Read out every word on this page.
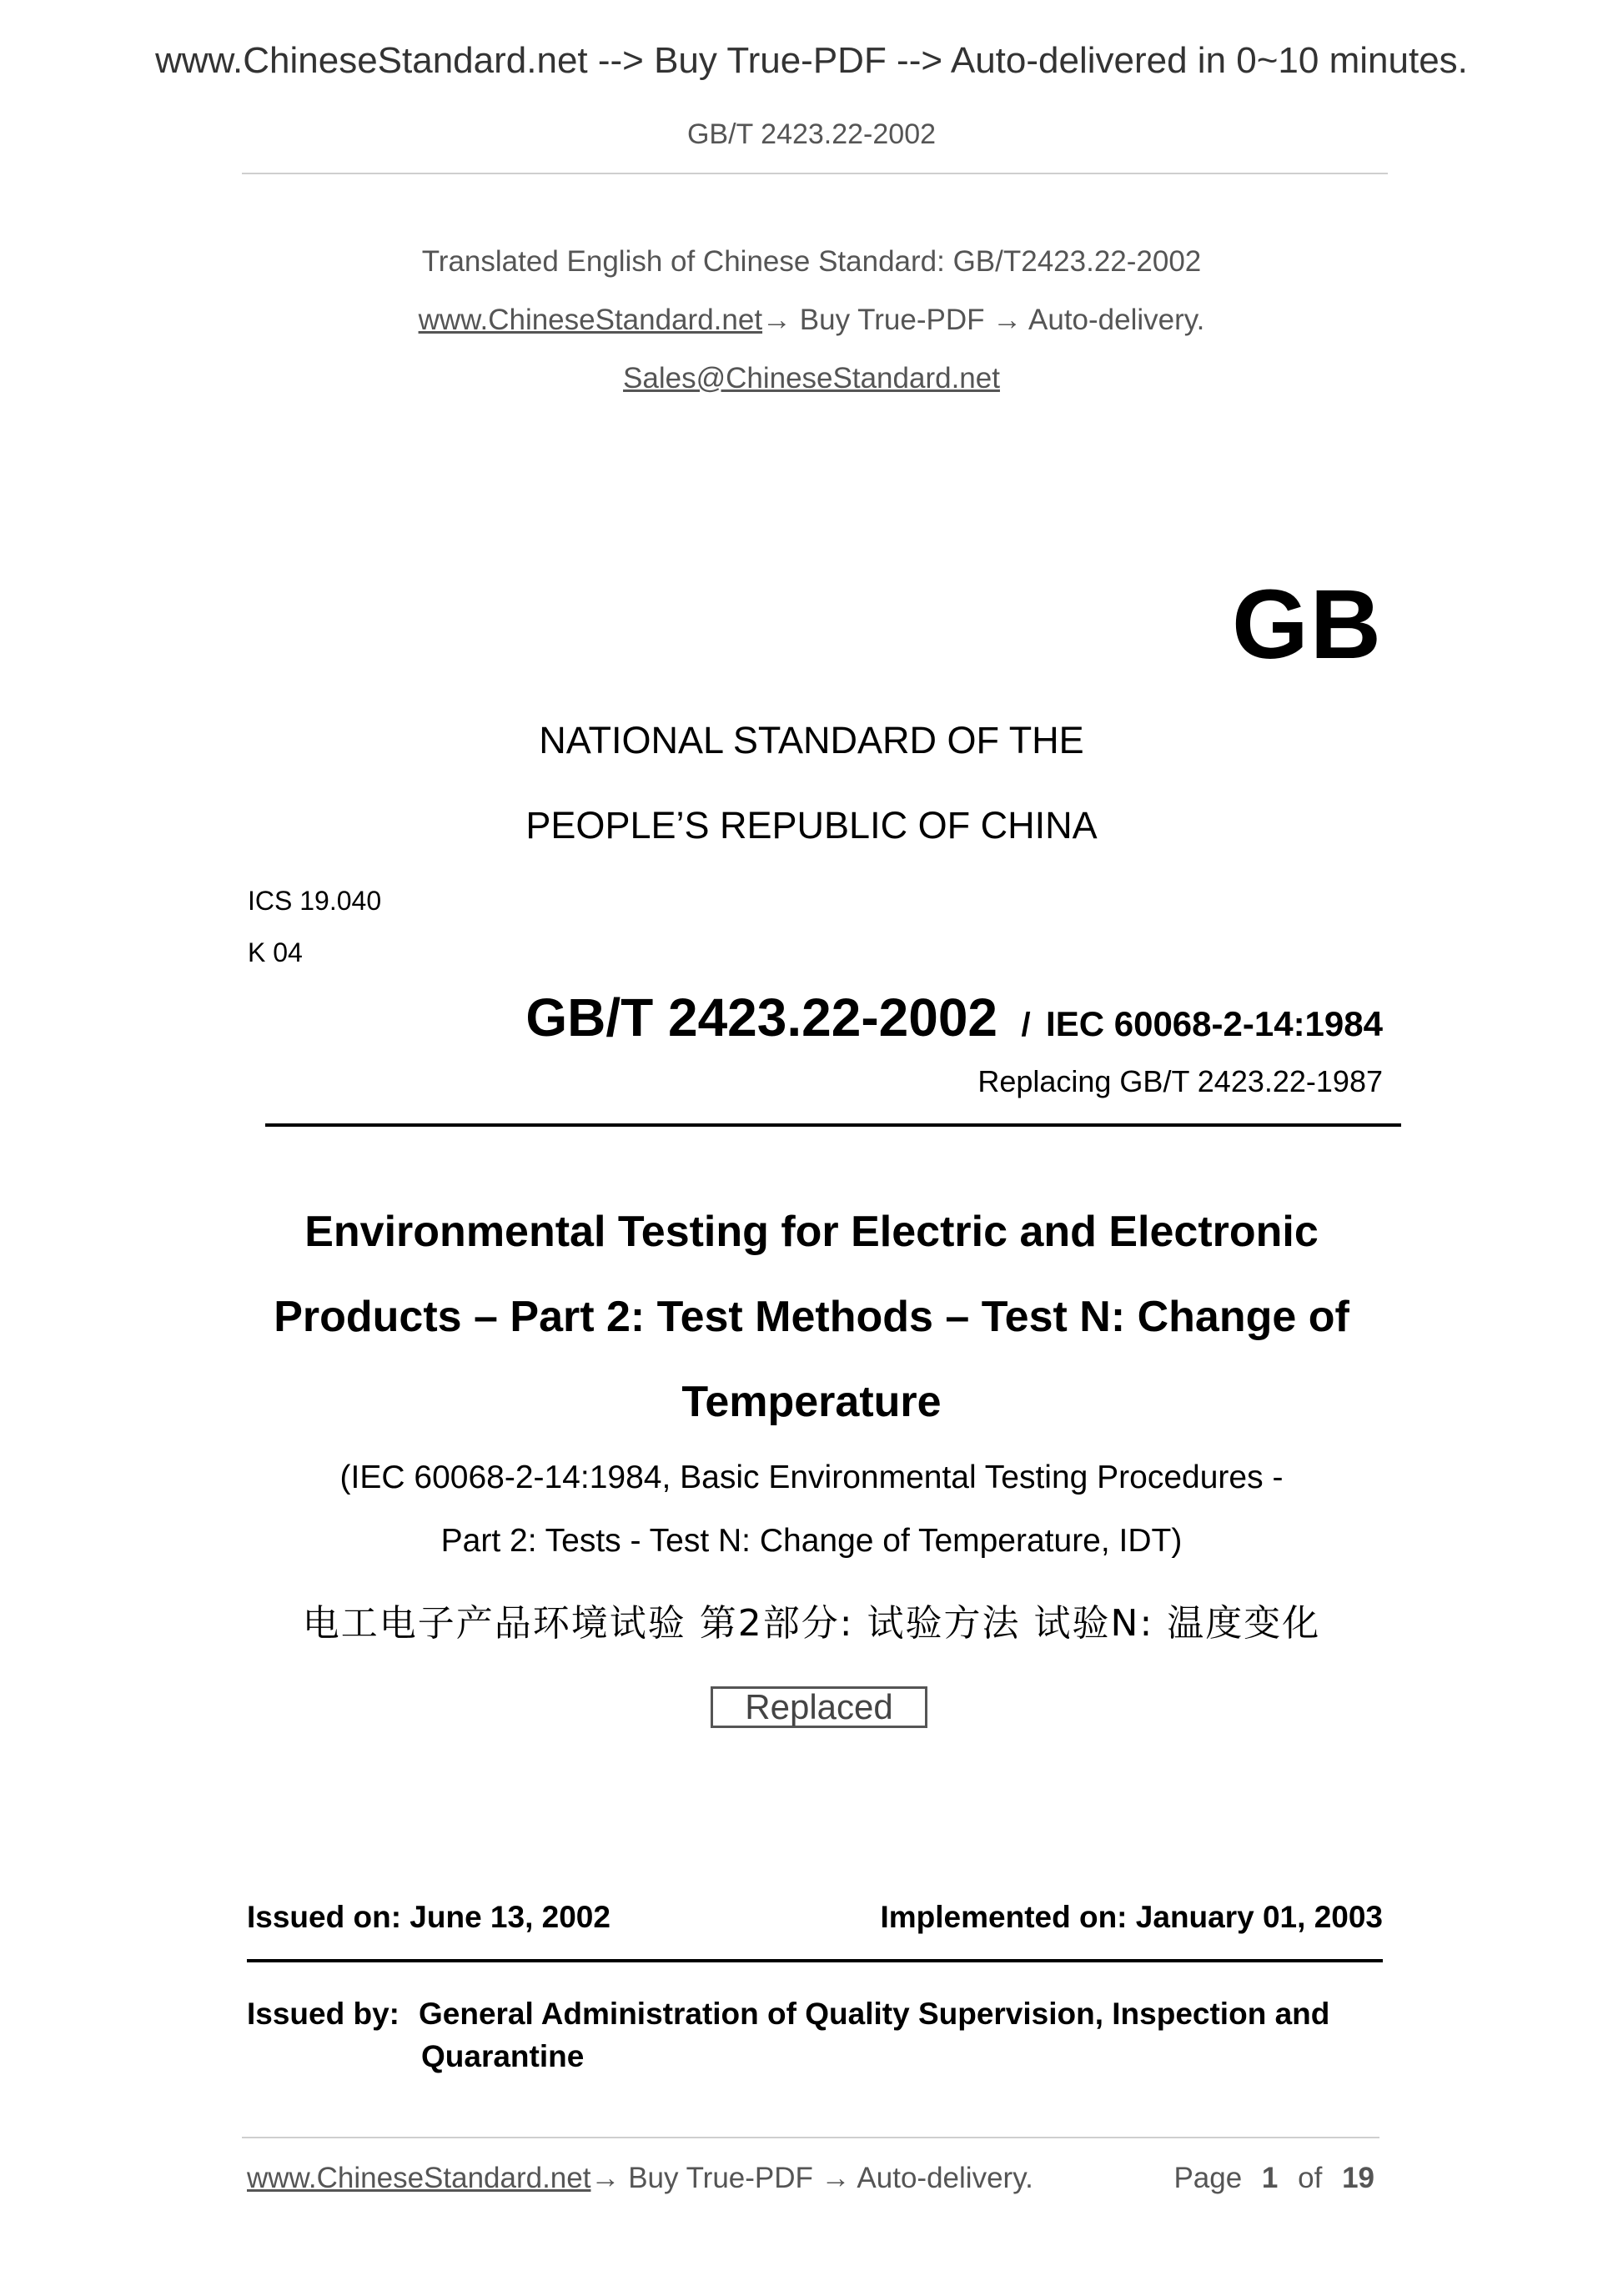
www.ChineseStandard.net --> Buy True-PDF --> Auto-delivered in 0~10 minutes.
GB/T 2423.22-2002
Translated English of Chinese Standard: GB/T2423.22-2002
www.ChineseStandard.net→ Buy True-PDF → Auto-delivery.
Sales@ChineseStandard.net
GB
NATIONAL STANDARD OF THE
PEOPLE’S REPUBLIC OF CHINA
ICS 19.040
K 04
GB/T 2423.22-2002 / IEC 60068-2-14:1984
Replacing GB/T 2423.22-1987
Environmental Testing for Electric and Electronic
Products – Part 2: Test Methods – Test N: Change of
Temperature
(IEC 60068-2-14:1984, Basic Environmental Testing Procedures -
Part 2: Tests - Test N: Change of Temperature, IDT)
电工电子产品环境试验 第2部分: 试验方法 试验N: 温度变化
Replaced
Issued on: June 13, 2002	Implemented on: January 01, 2003
Issued by: General Administration of Quality Supervision, Inspection and
Quarantine
www.ChineseStandard.net→ Buy True-PDF → Auto-delivery.	Page 1 of 19
